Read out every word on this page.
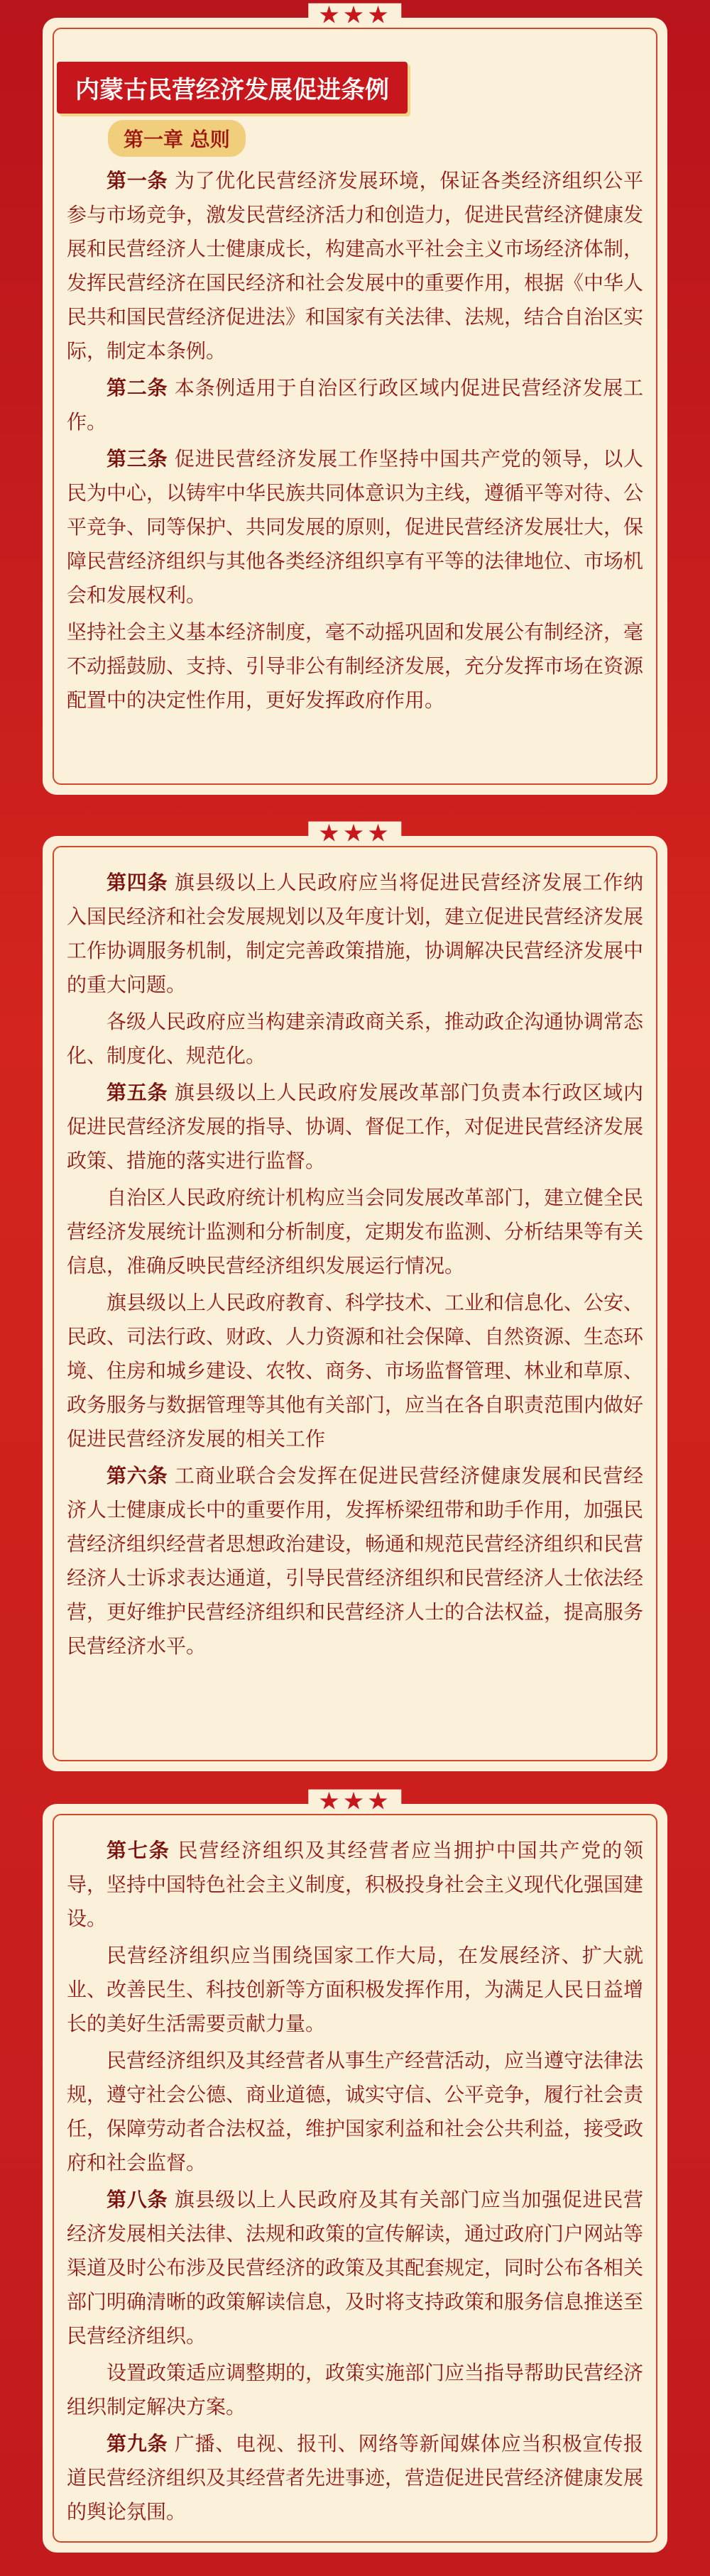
★★★
内蒙古民营经济发展促进条例
第一章 总则

第一条 为了优化民营经济发展环境，保证各类经济组织公平参与市场竞争，激发民营经济活力和创造力，促进民营经济健康发展和民营经济人士健康成长，构建高水平社会主义市场经济体制，发挥民营经济在国民经济和社会发展中的重要作用，根据《中华人民共和国民营经济促进法》和国家有关法律、法规，结合自治区实际，制定本条例。

第二条 本条例适用于自治区行政区域内促进民营经济发展工作。

第三条 促进民营经济发展工作坚持中国共产党的领导，以人民为中心，以铸牢中华民族共同体意识为主线，遵循平等对待、公平竞争、同等保护、共同发展的原则，促进民营经济发展壮大，保障民营经济组织与其他各类经济组织享有平等的法律地位、市场机会和发展权利。

坚持社会主义基本经济制度，毫不动摇巩固和发展公有制经济，毫不动摇鼓励、支持、引导非公有制经济发展，充分发挥市场在资源配置中的决定性作用，更好发挥政府作用。

★★★

第四条 旗县级以上人民政府应当将促进民营经济发展工作纳入国民经济和社会发展规划以及年度计划，建立促进民营经济发展工作协调服务机制，制定完善政策措施，协调解决民营经济发展中的重大问题。

各级人民政府应当构建亲清政商关系，推动政企沟通协调常态化、制度化、规范化。

第五条 旗县级以上人民政府发展改革部门负责本行政区域内促进民营经济发展的指导、协调、督促工作，对促进民营经济发展政策、措施的落实进行监督。

自治区人民政府统计机构应当会同发展改革部门，建立健全民营经济发展统计监测和分析制度，定期发布监测、分析结果等有关信息，准确反映民营经济组织发展运行情况。

旗县级以上人民政府教育、科学技术、工业和信息化、公安、民政、司法行政、财政、人力资源和社会保障、自然资源、生态环境、住房和城乡建设、农牧、商务、市场监督管理、林业和草原、政务服务与数据管理等其他有关部门，应当在各自职责范围内做好促进民营经济发展的相关工作

第六条 工商业联合会发挥在促进民营经济健康发展和民营经济人士健康成长中的重要作用，发挥桥梁纽带和助手作用，加强民营经济组织经营者思想政治建设，畅通和规范民营经济组织和民营经济人士诉求表达通道，引导民营经济组织和民营经济人士依法经营，更好维护民营经济组织和民营经济人士的合法权益，提高服务民营经济水平。

★★★

第七条 民营经济组织及其经营者应当拥护中国共产党的领导，坚持中国特色社会主义制度，积极投身社会主义现代化强国建设。

民营经济组织应当围绕国家工作大局，在发展经济、扩大就业、改善民生、科技创新等方面积极发挥作用，为满足人民日益增长的美好生活需要贡献力量。

民营经济组织及其经营者从事生产经营活动，应当遵守法律法规，遵守社会公德、商业道德，诚实守信、公平竞争，履行社会责任，保障劳动者合法权益，维护国家利益和社会公共利益，接受政府和社会监督。

第八条 旗县级以上人民政府及其有关部门应当加强促进民营经济发展相关法律、法规和政策的宣传解读，通过政府门户网站等渠道及时公布涉及民营经济的政策及其配套规定，同时公布各相关部门明确清晰的政策解读信息，及时将支持政策和服务信息推送至民营经济组织。

设置政策适应调整期的，政策实施部门应当指导帮助民营经济组织制定解决方案。

第九条 广播、电视、报刊、网络等新闻媒体应当积极宣传报道民营经济组织及其经营者先进事迹，营造促进民营经济健康发展的舆论氛围。
